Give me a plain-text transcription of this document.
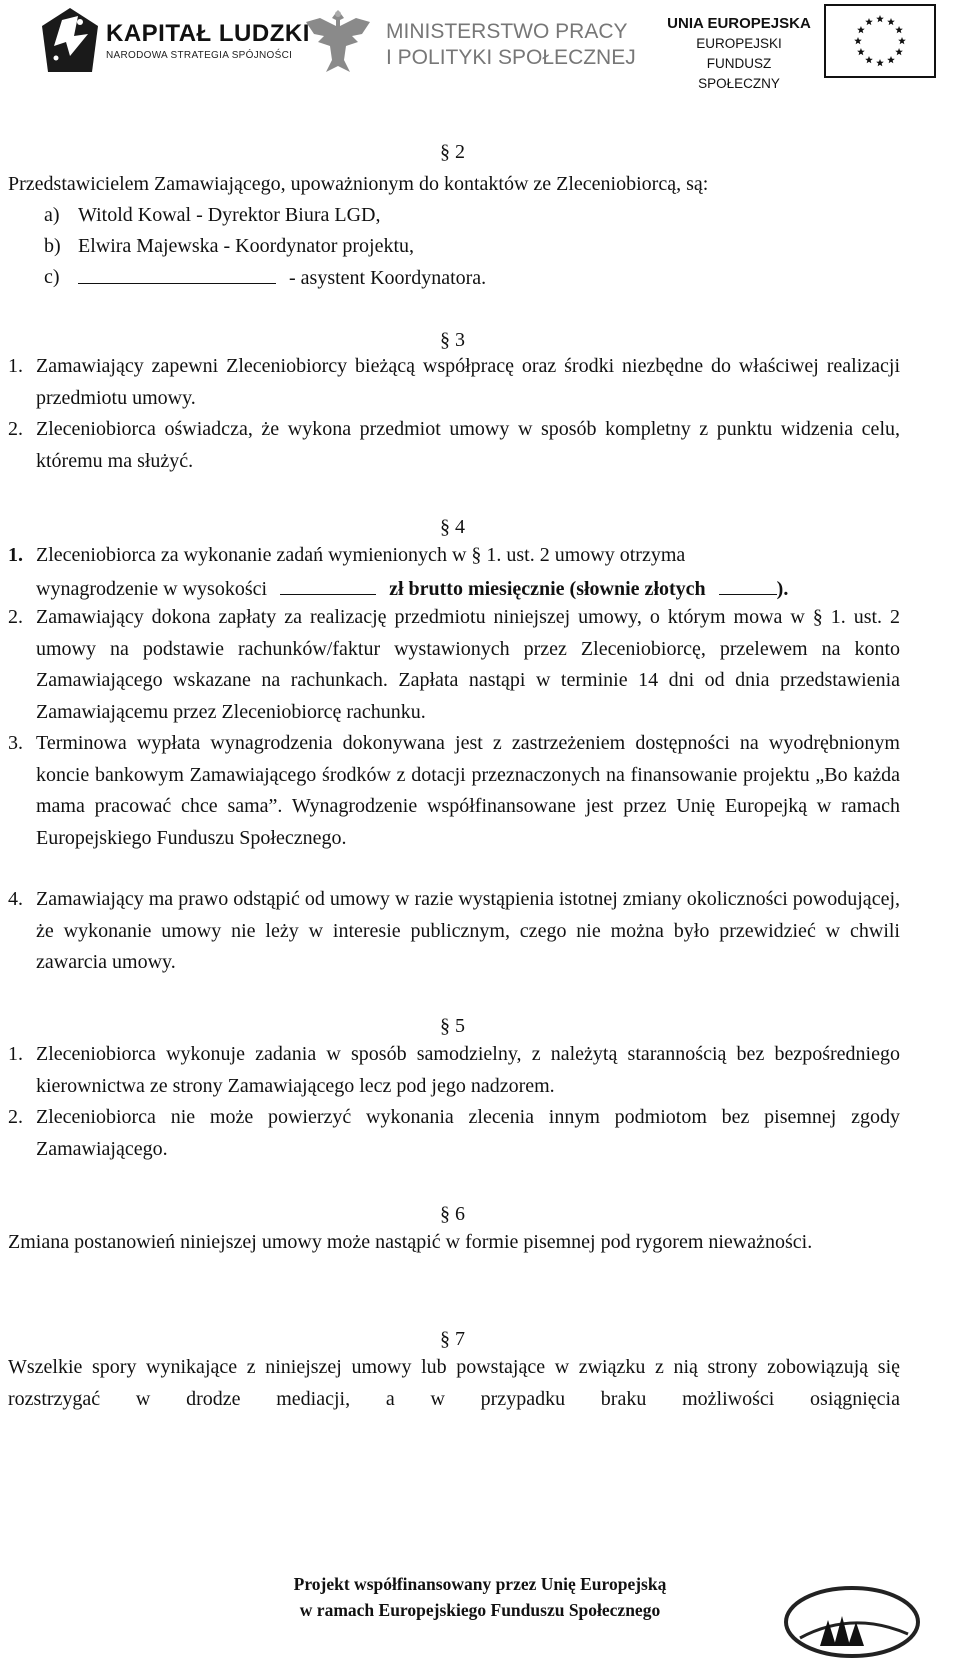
KAPITAŁ LUDZKI
NARODOWA STRATEGIA SPÓJNOŚCI
MINISTERSTWO PRACY
I POLITYKI SPOŁECZNEJ
UNIA EUROPEJSKA
EUROPEJSKI
FUNDUSZ SPOŁECZNY
§ 2
Przedstawicielem Zamawiającego, upoważnionym do kontaktów ze Zleceniobiorcą, są:
a) Witold Kowal - Dyrektor Biura LGD,
b) Elwira Majewska - Koordynator projektu,
c)	- asystent Koordynatora.
§ 3
1. Zamawiający zapewni Zleceniobiorcy bieżącą współpracę oraz środki niezbędne do właściwej realizacji przedmiotu umowy.
2. Zleceniobiorca oświadcza, że wykona przedmiot umowy w sposób kompletny z punktu widzenia celu, któremu ma służyć.
§ 4
1. Zleceniobiorca za wykonanie zadań wymienionych w § 1. ust. 2 umowy otrzyma
wynagrodzenie w wysokości	zł brutto miesięcznie (słownie złotych	).
2. Zamawiający dokona zapłaty za realizację przedmiotu niniejszej umowy, o którym mowa w § 1. ust. 2 umowy na podstawie rachunków/faktur wystawionych przez Zleceniobiorcę, przelewem na konto Zamawiającego wskazane na rachunkach. Zapłata nastąpi w terminie 14 dni od dnia przedstawienia Zamawiającemu przez Zleceniobiorcę rachunku.
3. Terminowa wypłata wynagrodzenia dokonywana jest z zastrzeżeniem dostępności na wyodrębnionym koncie bankowym Zamawiającego środków z dotacji przeznaczonych na finansowanie projektu „Bo każda mama pracować chce sama”. Wynagrodzenie współfinansowane jest przez Unię Europejką w ramach Europejskiego Funduszu Społecznego.
4. Zamawiający ma prawo odstąpić od umowy w razie wystąpienia istotnej zmiany okoliczności powodującej, że wykonanie umowy nie leży w interesie publicznym, czego nie można było przewidzieć w chwili zawarcia umowy.
§ 5
1. Zleceniobiorca wykonuje zadania w sposób samodzielny, z należytą starannością bez bezpośredniego kierownictwa ze strony Zamawiającego lecz pod jego nadzorem.
2. Zleceniobiorca nie może powierzyć wykonania zlecenia innym podmiotom bez pisemnej zgody Zamawiającego.
§ 6
Zmiana postanowień niniejszej umowy może nastąpić w formie pisemnej pod rygorem nieważności.
§ 7
Wszelkie spory wynikające z niniejszej umowy lub powstające w związku z nią strony zobowiązują się rozstrzygać w drodze mediacji, a w przypadku braku możliwości osiągnięcia
Projekt współfinansowany przez Unię Europejską
w ramach Europejskiego Funduszu Społecznego
